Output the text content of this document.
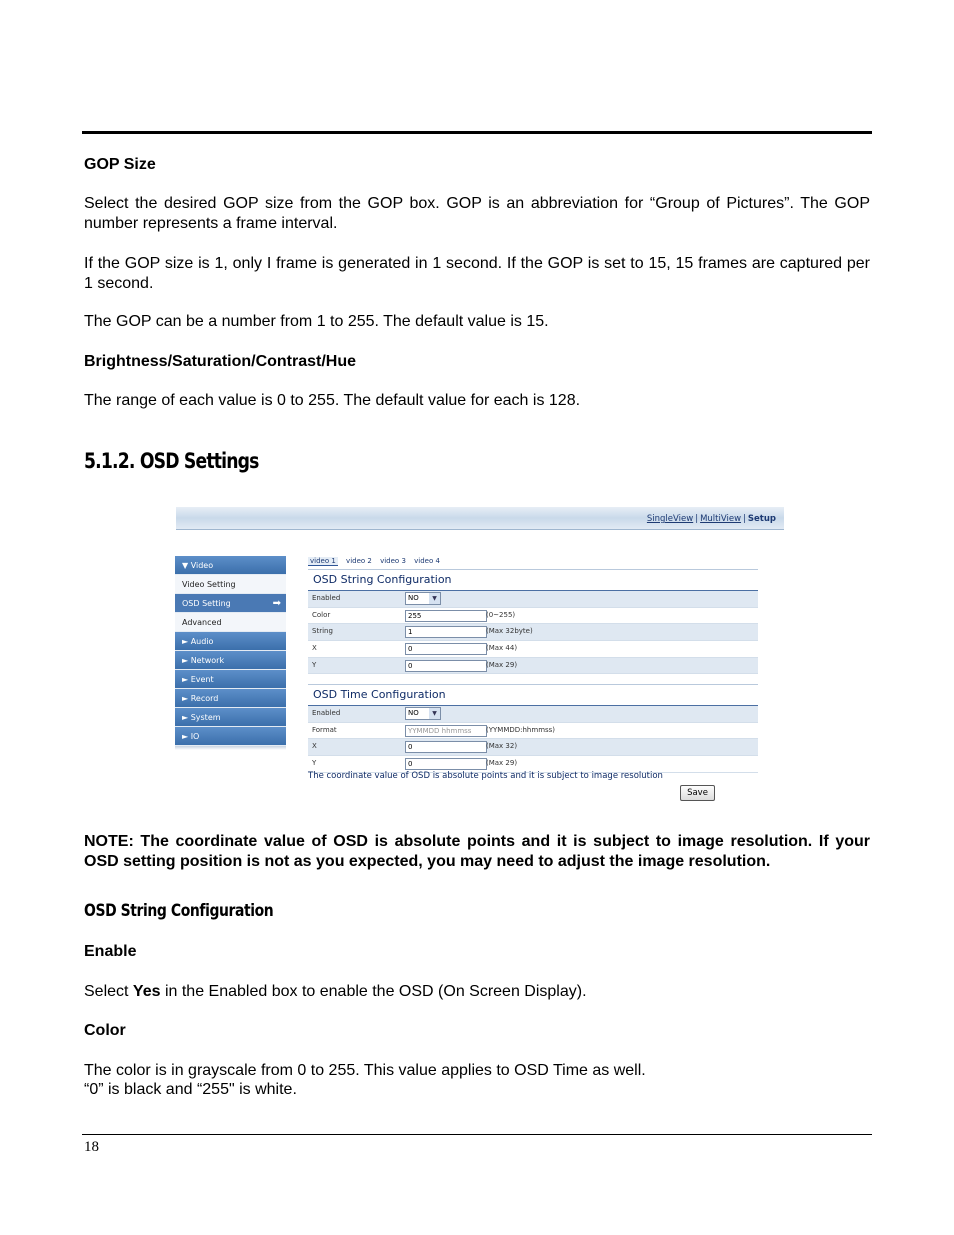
GOP Size
Select the desired GOP size from the GOP box. GOP is an abbreviation for “Group of Pictures”. The GOP number represents a frame interval.
If the GOP size is 1, only I frame is generated in 1 second. If the GOP is set to 15, 15 frames are captured per 1 second.
The GOP can be a number from 1 to 255. The default value is 15.
Brightness/Saturation/Contrast/Hue
The range of each value is 0 to 255. The default value for each is 128.
5.1.2. OSD Settings
SingleView | MultiView | Setup
▼ Video
Video Setting
OSD Setting	➡
Advanced
► Audio
► Network
► Event
► Record
► System
► IO
video 1 video 2 video 3 video 4
OSD String Configuration
Enabled	NO	▼
Color	255	(0~255)
String	1	(Max 32byte)
X	0	(Max 44)
Y	0	(Max 29)
OSD Time Configuration
Enabled	NO	▼
Format	YYMMDD hhmmss	(YYMMDD:hhmmss)
X	0	(Max 32)
Y	0	(Max 29)
The coordinate value of OSD is absolute points and it is subject to image resolution
Save
NOTE: The coordinate value of OSD is absolute points and it is subject to image resolution. If your OSD setting position is not as you expected, you may need to adjust the image resolution.
OSD String Configuration
Enable
Select Yes in the Enabled box to enable the OSD (On Screen Display).
Color
The color is in grayscale from 0 to 255. This value applies to OSD Time as well.
“0” is black and “255" is white.
18
